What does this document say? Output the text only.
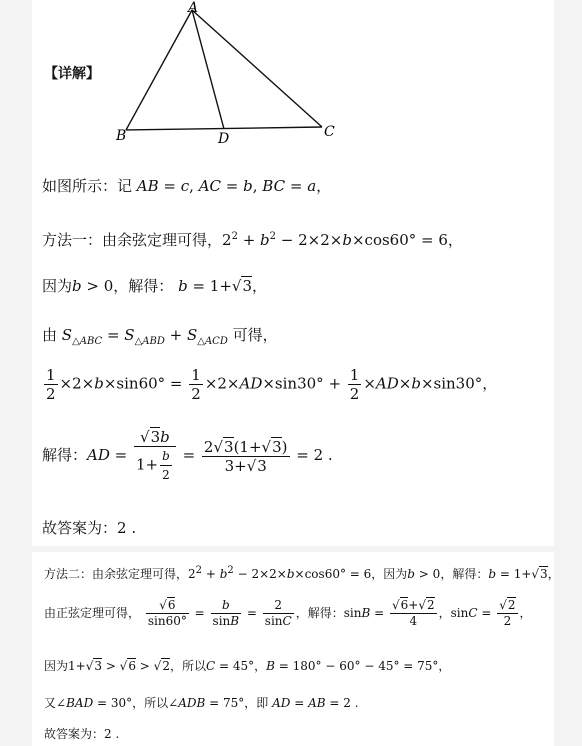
【详解】
A
B	D	C
如图所示：记 AB = c, AC = b, BC = a，
方法一：由余弦定理可得，$2^2 + b^2 - 2\times 2\times b\times\cos 60^\circ = 6$，
因为b > 0，解得： b = 1+√3，
由 $S_{\triangle ABC} = S_{\triangle ABD} + S_{\triangle ACD}$ 可得，
$\frac{1}{2} \times 2\times b\times\sin 60^\circ = \frac{1}{2} \times 2\times AD\times\sin 30^\circ + \frac{1}{2} \times AD\times b\times\sin 30^\circ$，
解得：AD = $\frac{√3b}{1+ \frac{b}{2}} = \frac{2√3(1+√3)}{3+√3} = 2$ .
故答案为：2 .
方法二：由余弦定理可得，$2^2 + b^2 - 2\times 2\times b\times\cos 60^\circ = 6$，因为b > 0，解得：b = 1+√3，
由正弦定理可得， $\frac{√6}{\sin 60^\circ} = \frac{b}{\sin B} = \frac{2}{\sin C}$ ，解得：$\sin B = \frac{√6+√2}{4}$ ，$\sin C = \frac{√2}{2}$ ，
因为1+√3 > √6 > √2，所以C = 45°，B = 180° − 60° − 45° = 75°，
又∠BAD = 30°，所以∠ADB = 75°，即 AD = AB = 2 .
故答案为：2 .
